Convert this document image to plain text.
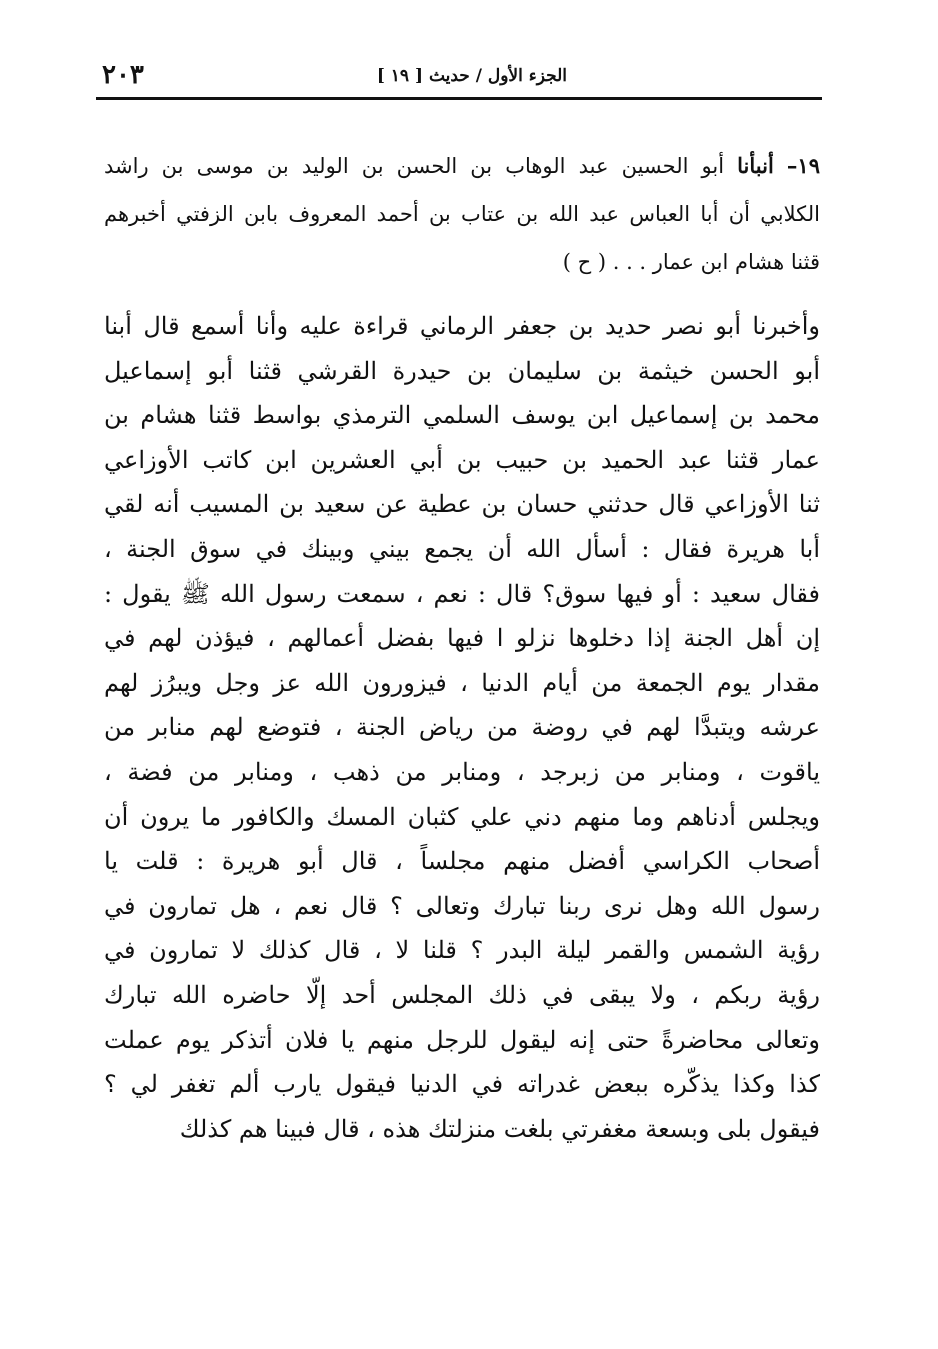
الجزء الأول / حديث [ ١٩ ]
٢٠٣
١٩– أنبأنا أبو الحسين عبد الوهاب بن الحسن بن الوليد بن موسى بن راشد
الكلابي أن أبا العباس عبد الله بن عتاب بن أحمد المعروف بابن الزفتي أخبرهم
قثنا هشام ابن عمار . . . ( ح )
وأخبرنا أبو نصر حديد بن جعفر الرماني قراءة عليه وأنا أسمع قال أبنا
أبو الحسن خيثمة بن سليمان بن حيدرة القرشي قثنا أبو إسماعيل
محمد بن إسماعيل ابن يوسف السلمي الترمذي بواسط قثنا هشام بن
عمار قثنا عبد الحميد بن حبيب بن أبي العشرين ابن كاتب الأوزاعي
ثنا الأوزاعي قال حدثني حسان بن عطية عن سعيد بن المسيب أنه لقي
أبا هريرة فقال : أسأل الله أن يجمع بيني وبينك في سوق الجنة ،
فقال سعيد : أو فيها سوق؟ قال : نعم ، سمعت رسول الله ﷺ يقول :
إن أهل الجنة إذا دخلوها نزلو ا فيها بفضل أعمالهم ، فيؤذن لهم في
مقدار يوم الجمعة من أيام الدنيا ، فيزورون الله عز وجل ويبرُز لهم
عرشه ويتبدَّا لهم في روضة من رياض الجنة ، فتوضع لهم منابر من
ياقوت ، ومنابر من زبرجد ، ومنابر من ذهب ، ومنابر من فضة ،
ويجلس أدناهم وما منهم دني علي كثبان المسك والكافور ما يرون أن
أصحاب الكراسي أفضل منهم مجلساً ، قال أبو هريرة : قلت يا
رسول الله وهل نرى ربنا تبارك وتعالى ؟ قال نعم ، هل تمارون في
رؤية الشمس والقمر ليلة البدر ؟ قلنا لا ، قال كذلك لا تمارون في
رؤية ربكم ، ولا يبقى في ذلك المجلس أحد إلّا حاضره الله تبارك
وتعالى محاضرةً حتى إنه ليقول للرجل منهم يا فلان أتذكر يوم عملت
كذا وكذا يذكّره ببعض غدراته في الدنيا فيقول يارب ألم تغفر لي ؟
فيقول بلى وبسعة مغفرتي بلغت منزلتك هذه ، قال فبينا هم كذلك
